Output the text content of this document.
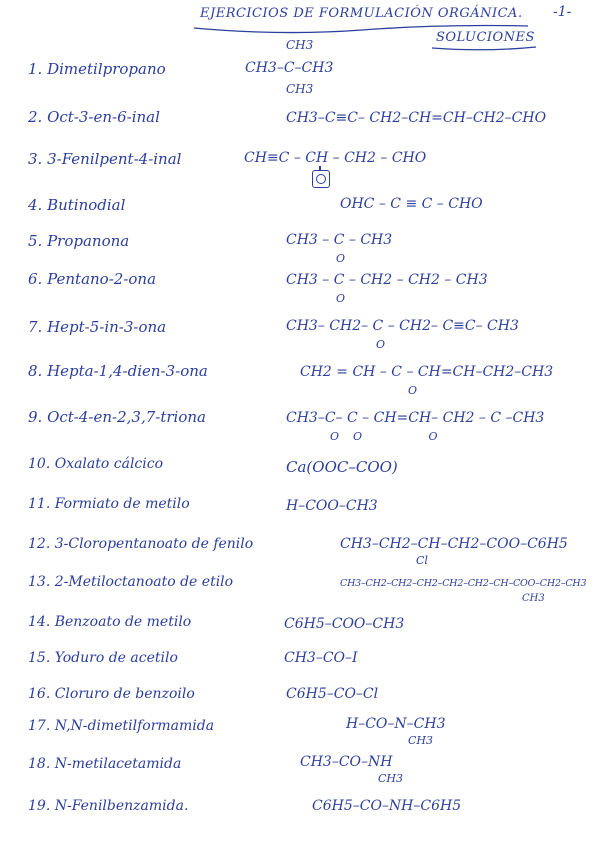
EJERCICIOS DE FORMULACIÓN ORGÁNICA. -1-
SOLUCIONES
1. Dimetilpropano
CH3
CH3–C–CH3
CH3
2. Oct-3-en-6-inal	CH3–C≡C– CH2–CH=CH–CH2–CHO
3. 3-Fenilpent-4-inal	CH≡C – CH – CH2 – CHO
4. Butinodial	OHC – C ≡ C – CHO
5. Propanona	CH3 – C – CH3
O
6. Pentano-2-ona	CH3 – C – CH2 – CH2 – CH3
O
7. Hept-5-in-3-ona	CH3– CH2– C – CH2– C≡C– CH3
O
8. Hepta-1,4-dien-3-ona	CH2 = CH – C – CH=CH–CH2–CH3
O
9. Oct-4-en-2,3,7-triona	CH3–C– C – CH=CH– CH2 – C –CH3
O    O                   O
10. Oxalato cálcico	Ca(OOC–COO)
11. Formiato de metilo	H–COO–CH3
12. 3-Cloropentanoato de fenilo	CH3–CH2–CH–CH2–COO–C6H5
Cl
13. 2-Metiloctanoato de etilo	CH3–CH2–CH2–CH2–CH2–CH2–CH–COO–CH2–CH3
CH3
14. Benzoato de metilo	C6H5–COO–CH3
15. Yoduro de acetilo	CH3–CO–I
16. Cloruro de benzoilo	C6H5–CO–Cl
17. N,N-dimetilformamida	H–CO–N–CH3
CH3
18. N-metilacetamida	CH3–CO–NH
CH3
19. N-Fenilbenzamida.	C6H5–CO–NH–C6H5
